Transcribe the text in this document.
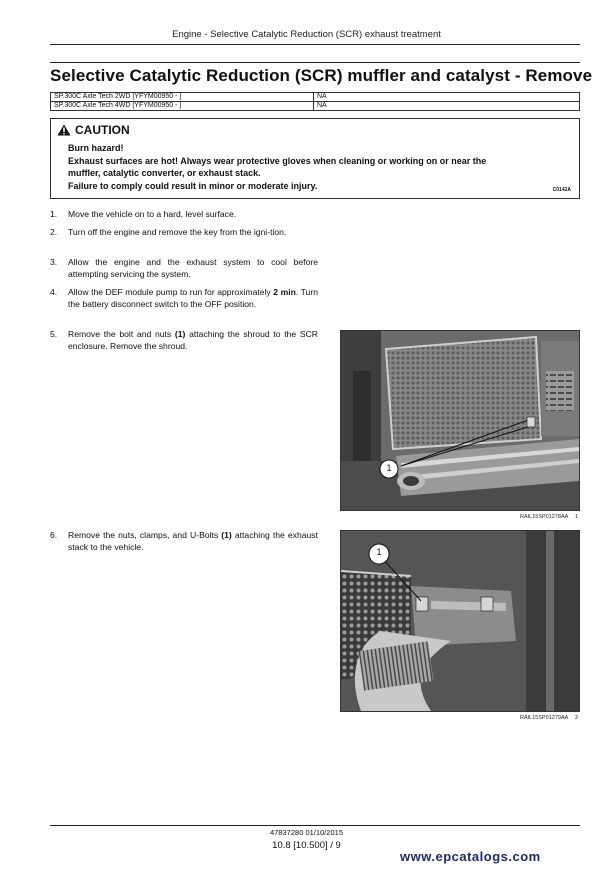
Engine - Selective Catalytic Reduction (SCR) exhaust treatment
Selective Catalytic Reduction (SCR) muffler and catalyst - Remove
SP.300C Axle Tech 2WD [YFYM00950 - ]	NA
SP.300C Axle Tech 4WD [YFYM00950 - ]	NA
CAUTION
Burn hazard!
Exhaust surfaces are hot! Always wear protective gloves when cleaning or working on or near the
muffler, catalytic converter, or exhaust stack.
Failure to comply could result in minor or moderate injury.	C0142A
1.	Move the vehicle on to a hard, level surface.
2.	Turn off the engine and remove the key from the igni-tion.
3.	Allow the engine and the exhaust system to cool before attempting servicing the system.
4.	Allow the DEF module pump to run for approximately 2 min. Turn the battery disconnect switch to the OFF position.
5.	Remove the bolt and nuts (1) attaching the shroud to the SCR enclosure. Remove the shroud.
6.	Remove the nuts, clamps, and U-Bolts (1) attaching the exhaust stack to the vehicle.
1
RAIL15SP01278AA 1
1
RAIL15SP01279AA 2
47837280 01/10/2015
10.8 [10.500] / 9
www.epcatalogs.com
